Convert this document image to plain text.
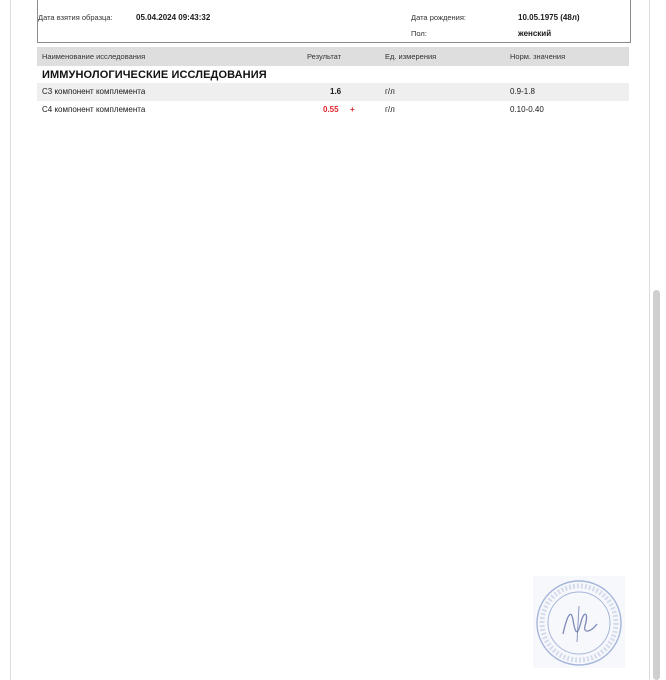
Дата взятия образца:	05.04.2024 09:43:32	Дата рождения:	10.05.1975 (48л)
Пол:	женский
Наименование исследования	Результат	Ед. измерения	Норм. значения
ИММУНОЛОГИЧЕСКИЕ ИССЛЕДОВАНИЯ
С3 компонент комплемента	1.6	г/л	0.9-1.8
С4 компонент комплемента	0.55 +	г/л	0.10-0.40
